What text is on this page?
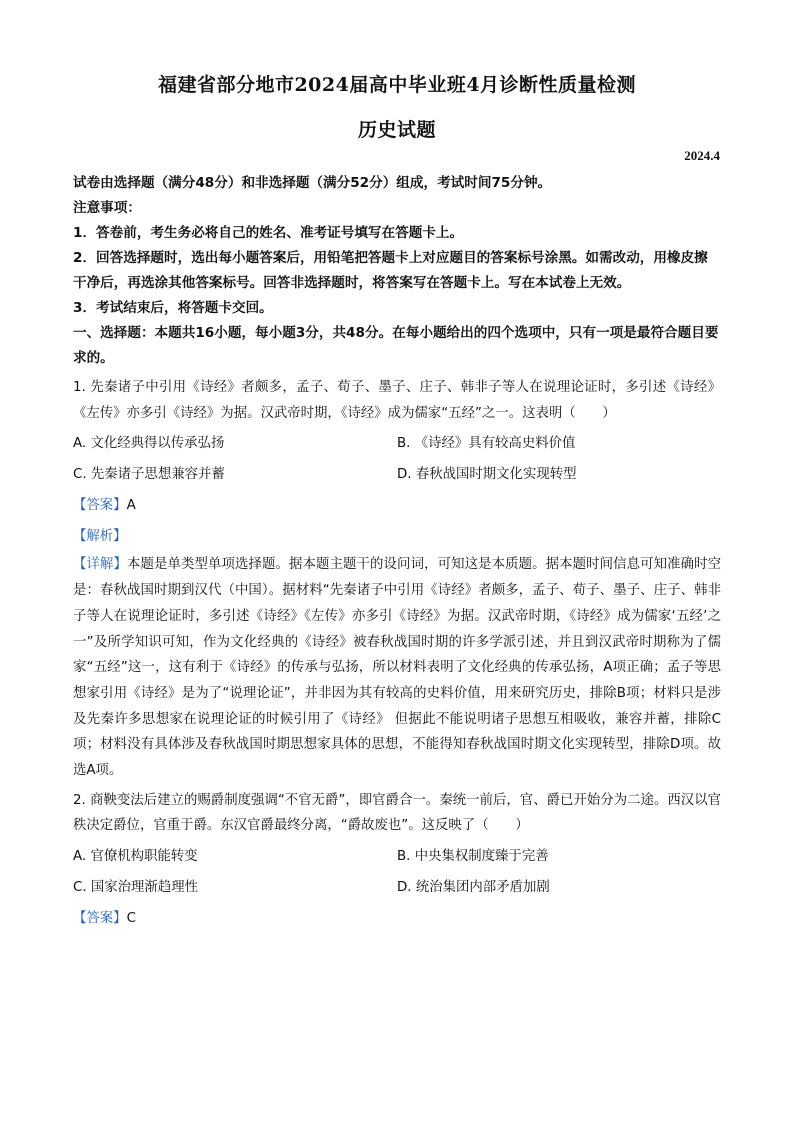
福建省部分地市2024届高中毕业班4月诊断性质量检测
历史试题
2024.4

试卷由选择题（满分48分）和非选择题（满分52分）组成，考试时间75分钟。

注意事项：

1．答卷前，考生务必将自己的姓名、准考证号填写在答题卡上。

2．回答选择题时，选出每小题答案后，用铅笔把答题卡上对应题目的答案标号涂黑。如需改动，用橡皮擦干净后，再选涂其他答案标号。回答非选择题时，将答案写在答题卡上。写在本试卷上无效。

3．考试结束后，将答题卡交回。

一、选择题：本题共16小题，每小题3分，共48分。在每小题给出的四个选项中，只有一项是最符合题目要求的。

1. 先秦诸子中引用《诗经》者颇多，孟子、荀子、墨子、庄子、韩非子等人在说理论证时，多引述《诗经》《左传》亦多引《诗经》为据。汉武帝时期，《诗经》成为儒家“五经”之一。这表明（　　）

A. 文化经典得以传承弘扬	B. 《诗经》具有较高史料价值
C. 先秦诸子思想兼容并蓄	D. 春秋战国时期文化实现转型

【答案】A

【解析】

【详解】本题是单类型单项选择题。据本题主题干的设问词，可知这是本质题。据本题时间信息可知准确时空是：春秋战国时期到汉代（中国）。据材料“先秦诸子中引用《诗经》者颇多，孟子、荀子、墨子、庄子、韩非子等人在说理论证时，多引述《诗经》《左传》亦多引《诗经》为据。汉武帝时期，《诗经》成为儒家‘五经’之一”及所学知识可知，作为文化经典的《诗经》被春秋战国时期的许多学派引述，并且到汉武帝时期称为了儒家“五经”这一，这有利于《诗经》的传承与弘扬，所以材料表明了文化经典的传承弘扬，A项正确；孟子等思想家引用《诗经》是为了“说理论证”，并非因为其有较高的史料价值，用来研究历史，排除B项；材料只是涉及先秦许多思想家在说理论证的时候引用了《诗经》 但据此不能说明诸子思想互相吸收，兼容并蓄，排除C项；材料没有具体涉及春秋战国时期思想家具体的思想，不能得知春秋战国时期文化实现转型，排除D项。故选A项。

2. 商鞅变法后建立的赐爵制度强调“不官无爵”，即官爵合一。秦统一前后，官、爵已开始分为二途。西汉以官秩决定爵位，官重于爵。东汉官爵最终分离，“爵故废也”。这反映了（　　）

A. 官僚机构职能转变	B. 中央集权制度臻于完善
C. 国家治理渐趋理性	D. 统治集团内部矛盾加剧

【答案】C
